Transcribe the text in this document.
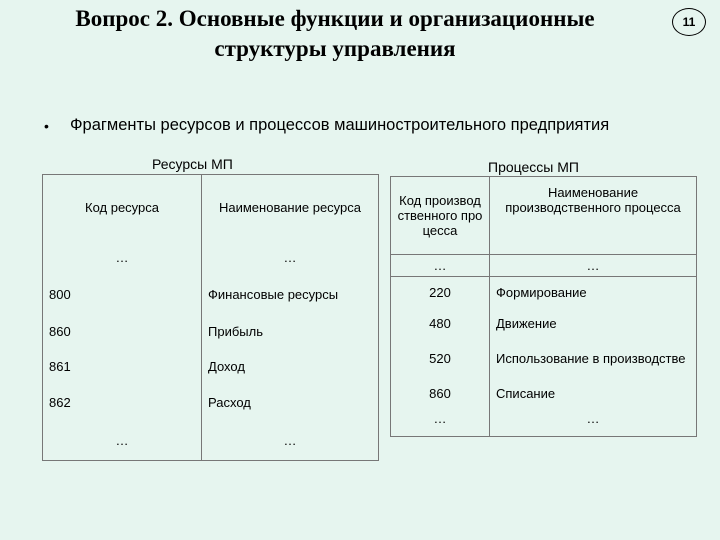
Вопрос 2. Основные функции и организационные структуры управления
11
• Фрагменты ресурсов и процессов машиностроительного предприятия
Ресурсы МП	Процессы МП
Код ресурса	Наименование ресурса
…	…
800	Финансовые ресурсы
860	Прибыль
861	Доход
862	Расход
…	…
Код производственного процесса	Наименование производственного процесса
…	…
220	Формирование
480	Движение
520	Использование в производстве
860	Списание
…	…
